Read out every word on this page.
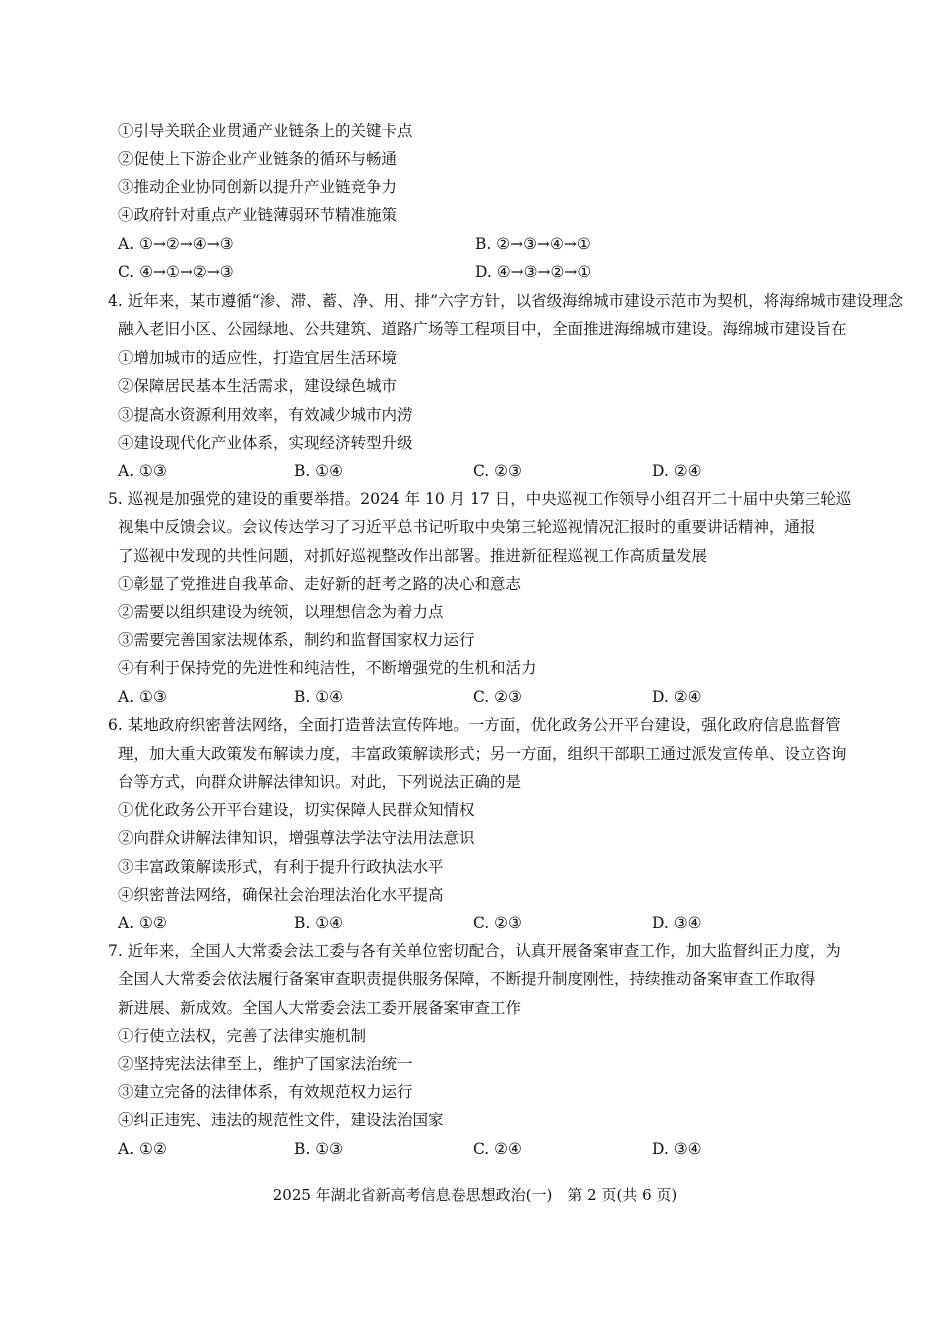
①引导关联企业贯通产业链条上的关键卡点
②促使上下游企业产业链条的循环与畅通
③推动企业协同创新以提升产业链竞争力
④政府针对重点产业链薄弱环节精准施策
A. ①→②→④→③	B. ②→③→④→①
C. ④→①→②→③	D. ④→③→②→①
4. 近年来，某市遵循“渗、滞、蓄、净、用、排”六字方针，以省级海绵城市建设示范市为契机，将海绵城市建设理念
融入老旧小区、公园绿地、公共建筑、道路广场等工程项目中，全面推进海绵城市建设。海绵城市建设旨在
①增加城市的适应性，打造宜居生活环境
②保障居民基本生活需求，建设绿色城市
③提高水资源利用效率，有效减少城市内涝
④建设现代化产业体系，实现经济转型升级
A. ①③	B. ①④	C. ②③	D. ②④
5. 巡视是加强党的建设的重要举措。2024 年 10 月 17 日，中央巡视工作领导小组召开二十届中央第三轮巡
视集中反馈会议。会议传达学习了习近平总书记听取中央第三轮巡视情况汇报时的重要讲话精神，通报
了巡视中发现的共性问题，对抓好巡视整改作出部署。推进新征程巡视工作高质量发展
①彰显了党推进自我革命、走好新的赶考之路的决心和意志
②需要以组织建设为统领，以理想信念为着力点
③需要完善国家法规体系，制约和监督国家权力运行
④有利于保持党的先进性和纯洁性，不断增强党的生机和活力
A. ①③	B. ①④	C. ②③	D. ②④
6. 某地政府织密普法网络，全面打造普法宣传阵地。一方面，优化政务公开平台建设，强化政府信息监督管
理，加大重大政策发布解读力度，丰富政策解读形式；另一方面，组织干部职工通过派发宣传单、设立咨询
台等方式，向群众讲解法律知识。对此，下列说法正确的是
①优化政务公开平台建设，切实保障人民群众知情权
②向群众讲解法律知识，增强尊法学法守法用法意识
③丰富政策解读形式，有利于提升行政执法水平
④织密普法网络，确保社会治理法治化水平提高
A. ①②	B. ①④	C. ②③	D. ③④
7. 近年来，全国人大常委会法工委与各有关单位密切配合，认真开展备案审查工作，加大监督纠正力度，为
全国人大常委会依法履行备案审查职责提供服务保障，不断提升制度刚性，持续推动备案审查工作取得
新进展、新成效。全国人大常委会法工委开展备案审查工作
①行使立法权，完善了法律实施机制
②坚持宪法法律至上，维护了国家法治统一
③建立完备的法律体系，有效规范权力运行
④纠正违宪、违法的规范性文件，建设法治国家
A. ①②	B. ①③	C. ②④	D. ③④
2025 年湖北省新高考信息卷思想政治(一)　第 2 页(共 6 页)
